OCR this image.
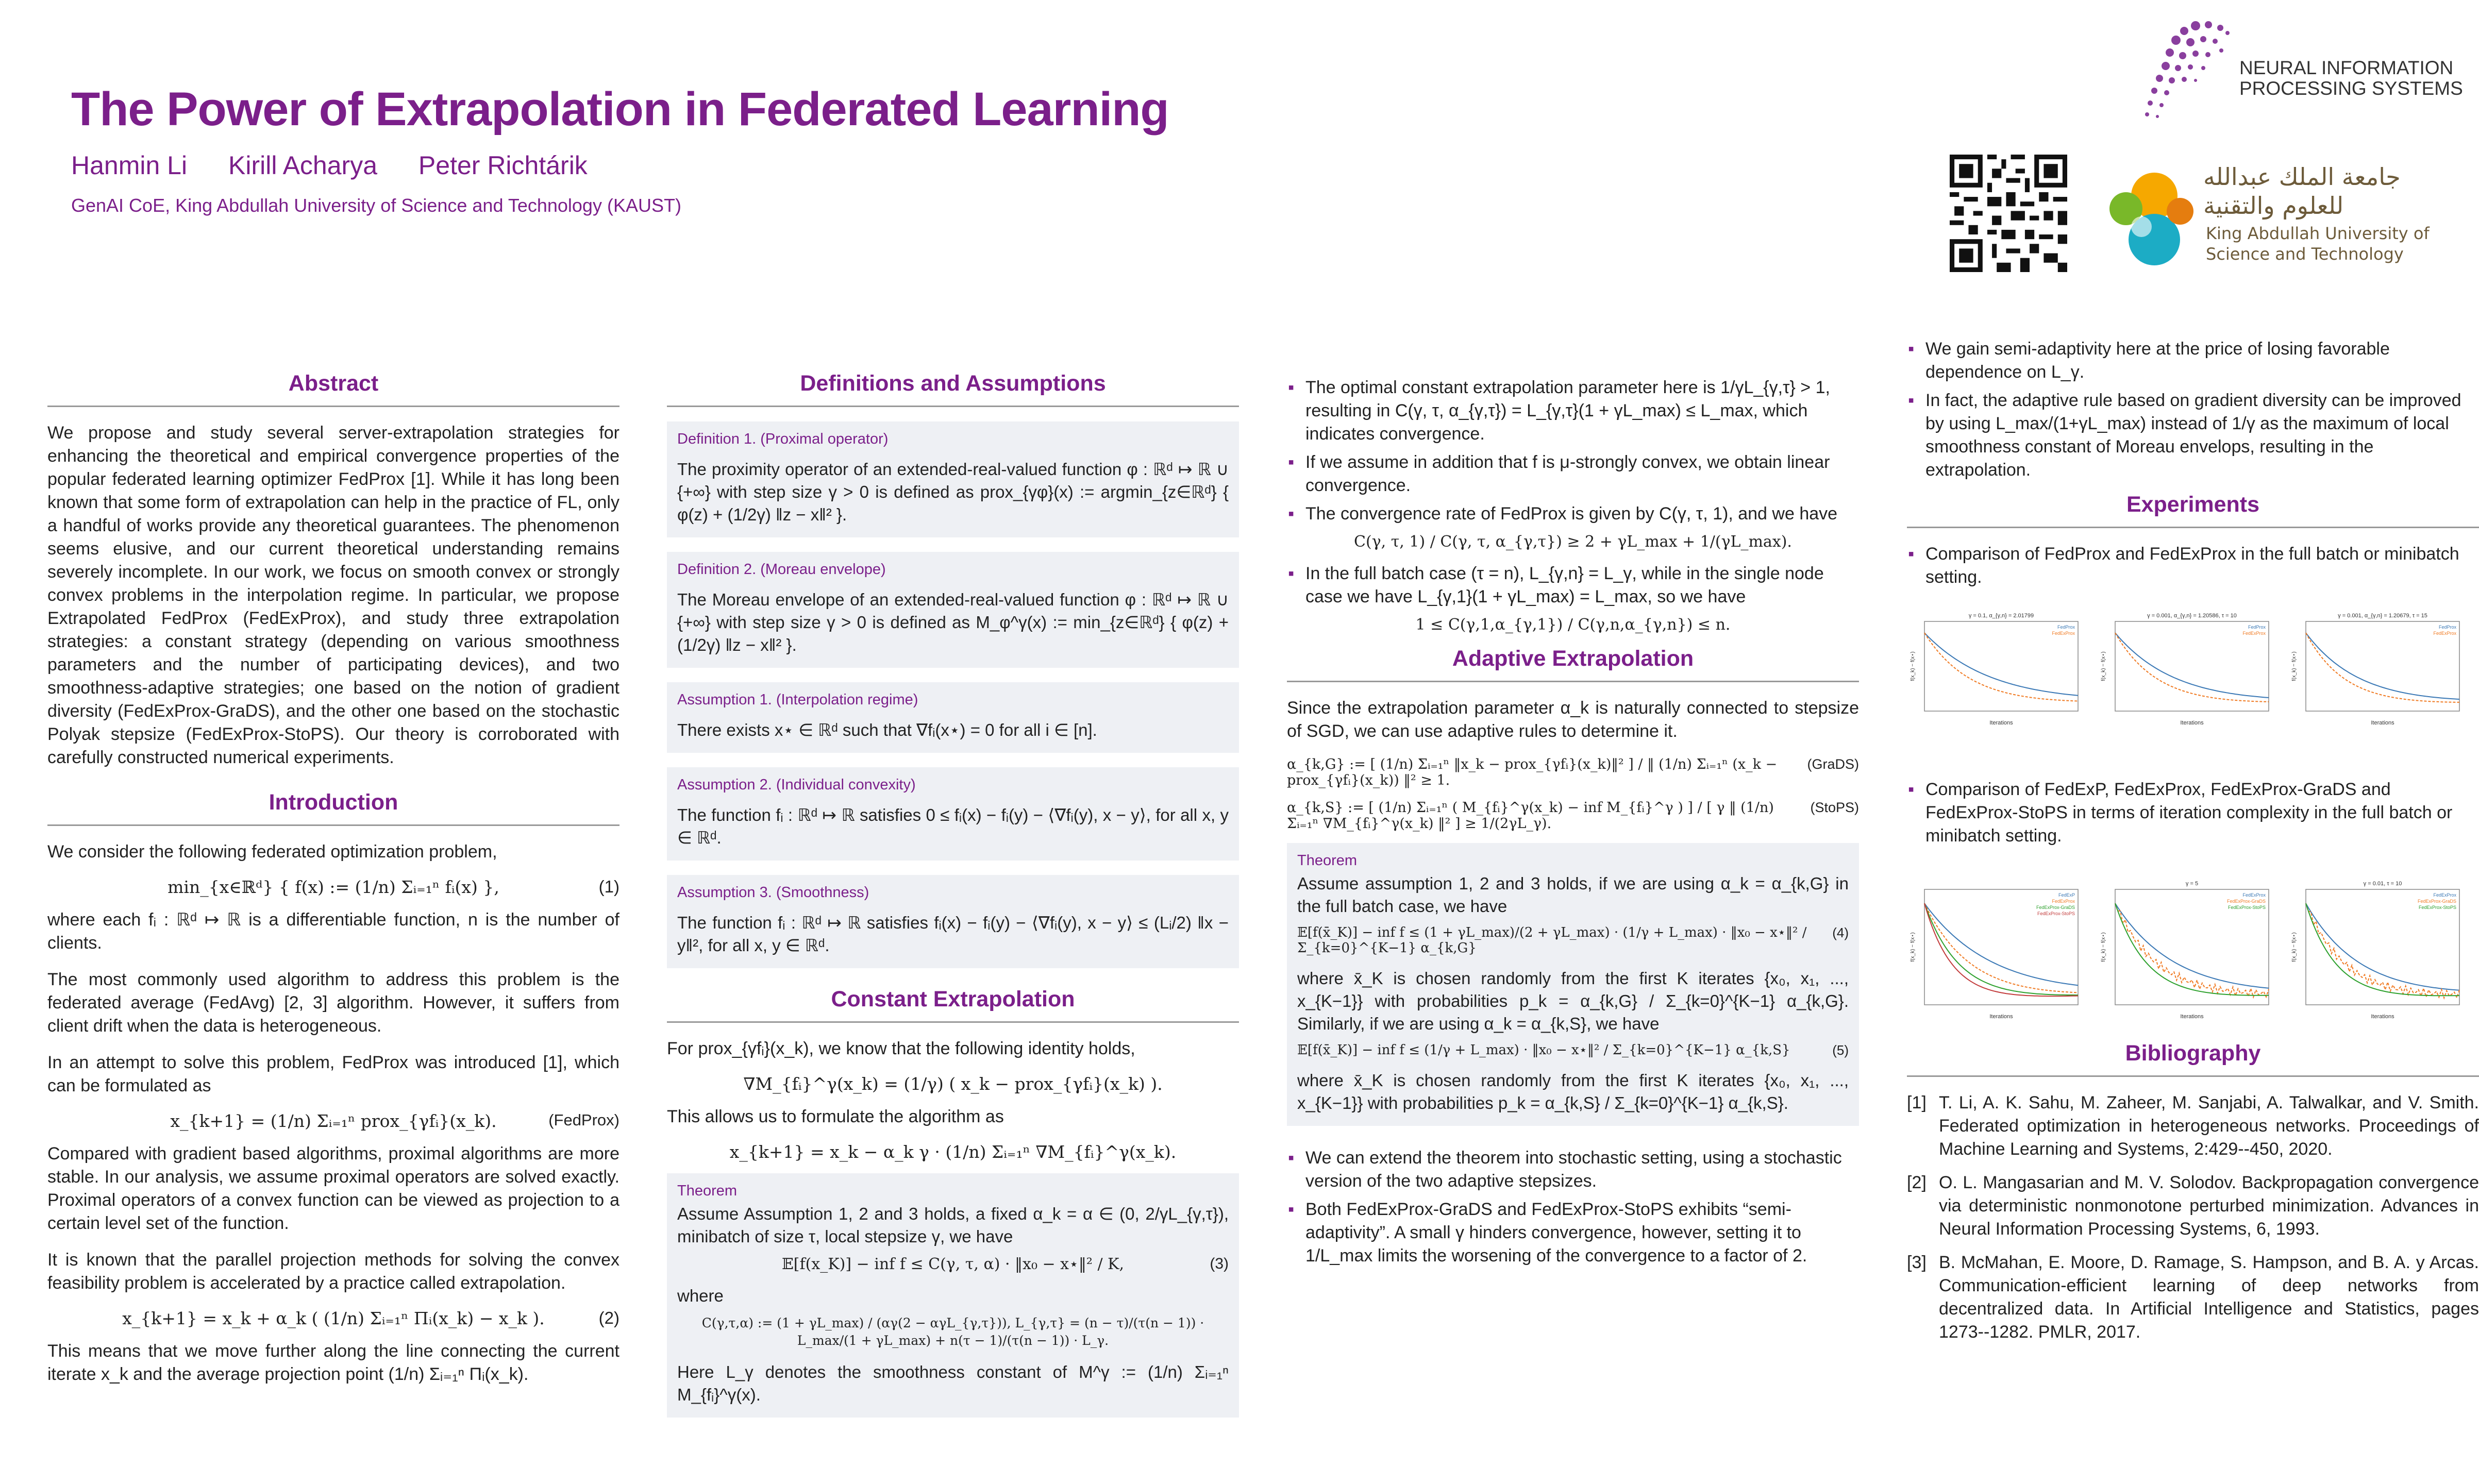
The Power of Extrapolation in Federated Learning
Hanmin Li Kirill Acharya Peter Richtárik
GenAI CoE, King Abdullah University of Science and Technology (KAUST)
NEURAL INFORMATION
PROCESSING SYSTEMS
جامعة الملك عبدالله للعلوم والتقنية
King Abdullah University of
Science and Technology
Abstract

We propose and study several server-extrapolation strategies for enhancing the theoretical and empirical convergence properties of the popular federated learning optimizer FedProx [1]. While it has long been known that some form of extrapolation can help in the practice of FL, only a handful of works provide any theoretical guarantees. The phenomenon seems elusive, and our current theoretical understanding remains severely incomplete. In our work, we focus on smooth convex or strongly convex problems in the interpolation regime. In particular, we propose Extrapolated FedProx (FedExProx), and study three extrapolation strategies: a constant strategy (depending on various smoothness parameters and the number of participating devices), and two smoothness-adaptive strategies; one based on the notion of gradient diversity (FedExProx-GraDS), and the other one based on the stochastic Polyak stepsize (FedExProx-StoPS). Our theory is corroborated with carefully constructed numerical experiments.

Introduction

We consider the following federated optimization problem,

min_{x∈ℝᵈ} { f(x) := (1/n) Σᵢ₌₁ⁿ fᵢ(x) },	(1)

where each fᵢ : ℝᵈ ↦ ℝ is a differentiable function, n is the number of clients.

The most commonly used algorithm to address this problem is the federated average (FedAvg) [2, 3] algorithm. However, it suffers from client drift when the data is heterogeneous.

In an attempt to solve this problem, FedProx was introduced [1], which can be formulated as

x_{k+1} = (1/n) Σᵢ₌₁ⁿ prox_{γfᵢ}(x_k).	(FedProx)

Compared with gradient based algorithms, proximal algorithms are more stable. In our analysis, we assume proximal operators are solved exactly. Proximal operators of a convex function can be viewed as projection to a certain level set of the function.

It is known that the parallel projection methods for solving the convex feasibility problem is accelerated by a practice called extrapolation.

x_{k+1} = x_k + α_k ( (1/n) Σᵢ₌₁ⁿ Πᵢ(x_k) − x_k ).	(2)

This means that we move further along the line connecting the current iterate x_k and the average projection point (1/n) Σᵢ₌₁ⁿ Πᵢ(x_k).

Definitions and Assumptions
Definition 1. (Proximal operator)
The proximity operator of an extended-real-valued function φ : ℝᵈ ↦ ℝ ∪ {+∞} with step size γ > 0 is defined as prox_{γφ}(x) := argmin_{z∈ℝᵈ} { φ(z) + (1/2γ) ‖z − x‖² }.
Definition 2. (Moreau envelope)
The Moreau envelope of an extended-real-valued function φ : ℝᵈ ↦ ℝ ∪ {+∞} with step size γ > 0 is defined as M_φ^γ(x) := min_{z∈ℝᵈ} { φ(z) + (1/2γ) ‖z − x‖² }.
Assumption 1. (Interpolation regime)
There exists x⋆ ∈ ℝᵈ such that ∇fᵢ(x⋆) = 0 for all i ∈ [n].
Assumption 2. (Individual convexity)
The function fᵢ : ℝᵈ ↦ ℝ satisfies 0 ≤ fᵢ(x) − fᵢ(y) − ⟨∇fᵢ(y), x − y⟩, for all x, y ∈ ℝᵈ.
Assumption 3. (Smoothness)
The function fᵢ : ℝᵈ ↦ ℝ satisfies fᵢ(x) − fᵢ(y) − ⟨∇fᵢ(y), x − y⟩ ≤ (Lᵢ/2) ‖x − y‖², for all x, y ∈ ℝᵈ.
Constant Extrapolation

For prox_{γfᵢ}(x_k), we know that the following identity holds,

∇M_{fᵢ}^γ(x_k) = (1/γ) ( x_k − prox_{γfᵢ}(x_k) ).

This allows us to formulate the algorithm as

x_{k+1} = x_k − α_k γ · (1/n) Σᵢ₌₁ⁿ ∇M_{fᵢ}^γ(x_k).
Theorem
Assume Assumption 1, 2 and 3 holds, a fixed α_k = α ∈ (0, 2/γL_{γ,τ}), minibatch of size τ, local stepsize γ, we have
𝔼[f(x_K)] − inf f ≤ C(γ, τ, α) · ‖x₀ − x⋆‖² / K,	(3)
where
C(γ,τ,α) := (1 + γL_max) / (αγ(2 − αγL_{γ,τ})), L_{γ,τ} = (n − τ)/(τ(n − 1)) · L_max/(1 + γL_max) + n(τ − 1)/(τ(n − 1)) · L_γ.
Here L_γ denotes the smoothness constant of M^γ := (1/n) Σᵢ₌₁ⁿ M_{fᵢ}^γ(x).
▪ The optimal constant extrapolation parameter here is 1/γL_{γ,τ} > 1, resulting in C(γ, τ, α_{γ,τ}) = L_{γ,τ}(1 + γL_max) ≤ L_max, which indicates convergence.
▪ If we assume in addition that f is μ-strongly convex, we obtain linear convergence.
▪ The convergence rate of FedProx is given by C(γ, τ, 1), and we have
C(γ, τ, 1) / C(γ, τ, α_{γ,τ}) ≥ 2 + γL_max + 1/(γL_max).
▪ In the full batch case (τ = n), L_{γ,n} = L_γ, while in the single node case we have L_{γ,1}(1 + γL_max) = L_max, so we have
1 ≤ C(γ,1,α_{γ,1}) / C(γ,n,α_{γ,n}) ≤ n.
Adaptive Extrapolation

Since the extrapolation parameter α_k is naturally connected to stepsize of SGD, we can use adaptive rules to determine it.

α_{k,G} := [ (1/n) Σᵢ₌₁ⁿ ‖x_k − prox_{γfᵢ}(x_k)‖² ] / ‖ (1/n) Σᵢ₌₁ⁿ (x_k − prox_{γfᵢ}(x_k)) ‖² ≥ 1.
(GraDS)
α_{k,S} := [ (1/n) Σᵢ₌₁ⁿ ( M_{fᵢ}^γ(x_k) − inf M_{fᵢ}^γ ) ] / [ γ ‖ (1/n) Σᵢ₌₁ⁿ ∇M_{fᵢ}^γ(x_k) ‖² ] ≥ 1/(2γL_γ).
(StoPS)
Theorem
Assume assumption 1, 2 and 3 holds, if we are using α_k = α_{k,G} in the full batch case, we have
𝔼[f(x̄_K)] − inf f ≤ (1 + γL_max)/(2 + γL_max) · (1/γ + L_max) · ‖x₀ − x⋆‖² / Σ_{k=0}^{K−1} α_{k,G}
(4)
where x̄_K is chosen randomly from the first K iterates {x₀, x₁, ..., x_{K−1}} with probabilities p_k = α_{k,G} / Σ_{k=0}^{K−1} α_{k,G}. Similarly, if we are using α_k = α_{k,S}, we have
𝔼[f(x̄_K)] − inf f ≤ (1/γ + L_max) · ‖x₀ − x⋆‖² / Σ_{k=0}^{K−1} α_{k,S}	(5)
where x̄_K is chosen randomly from the first K iterates {x₀, x₁, ..., x_{K−1}} with probabilities p_k = α_{k,S} / Σ_{k=0}^{K−1} α_{k,S}.
▪ We can extend the theorem into stochastic setting, using a stochastic version of the two adaptive stepsizes.
▪ Both FedExProx-GraDS and FedExProx-StoPS exhibits “semi-adaptivity”. A small γ hinders convergence, however, setting it to 1/L_max limits the worsening of the convergence to a factor of 2.
▪ We gain semi-adaptivity here at the price of losing favorable dependence on L_γ.
▪ In fact, the adaptive rule based on gradient diversity can be improved by using L_max/(1+γL_max) instead of 1/γ as the maximum of local smoothness constant of Moreau envelops, resulting in the extrapolation.
Experiments
▪ Comparison of FedProx and FedExProx in the full batch or minibatch setting.
γ = 0.1, α_{γ,n} = 2.01799
Iterations
f(x_k) − f(x⋆)
FedProx
FedExProx
γ = 0.001, α_{γ,n} = 1.20586, τ = 10
Iterations
f(x_k) − f(x⋆)
FedProx
FedExProx
γ = 0.001, α_{γ,n} = 1.20679, τ = 15
Iterations
f(x_k) − f(x⋆)
FedProx
FedExProx
▪ Comparison of FedExP, FedExProx, FedExProx-GraDS and FedExProx-StoPS in terms of iteration complexity in the full batch or minibatch setting.
Iterations
f(x_k) − f(x⋆)
FedExP
FedExProx
FedExProx-GraDS
FedExProx-StoPS
γ = 5
Iterations
f(x_k) − f(x⋆)
FedExProx
FedExProx-GraDS
FedExProx-StoPS
γ = 0.01, τ = 10
Iterations
f(x_k) − f(x⋆)
FedExProx
FedExProx-GraDS
FedExProx-StoPS
Bibliography
[1] T. Li, A. K. Sahu, M. Zaheer, M. Sanjabi, A. Talwalkar, and V. Smith. Federated optimization in heterogeneous networks. Proceedings of Machine Learning and Systems, 2:429--450, 2020.
[2] O. L. Mangasarian and M. V. Solodov. Backpropagation convergence via deterministic nonmonotone perturbed minimization. Advances in Neural Information Processing Systems, 6, 1993.
[3] B. McMahan, E. Moore, D. Ramage, S. Hampson, and B. A. y Arcas. Communication-efficient learning of deep networks from decentralized data. In Artificial Intelligence and Statistics, pages 1273--1282. PMLR, 2017.
